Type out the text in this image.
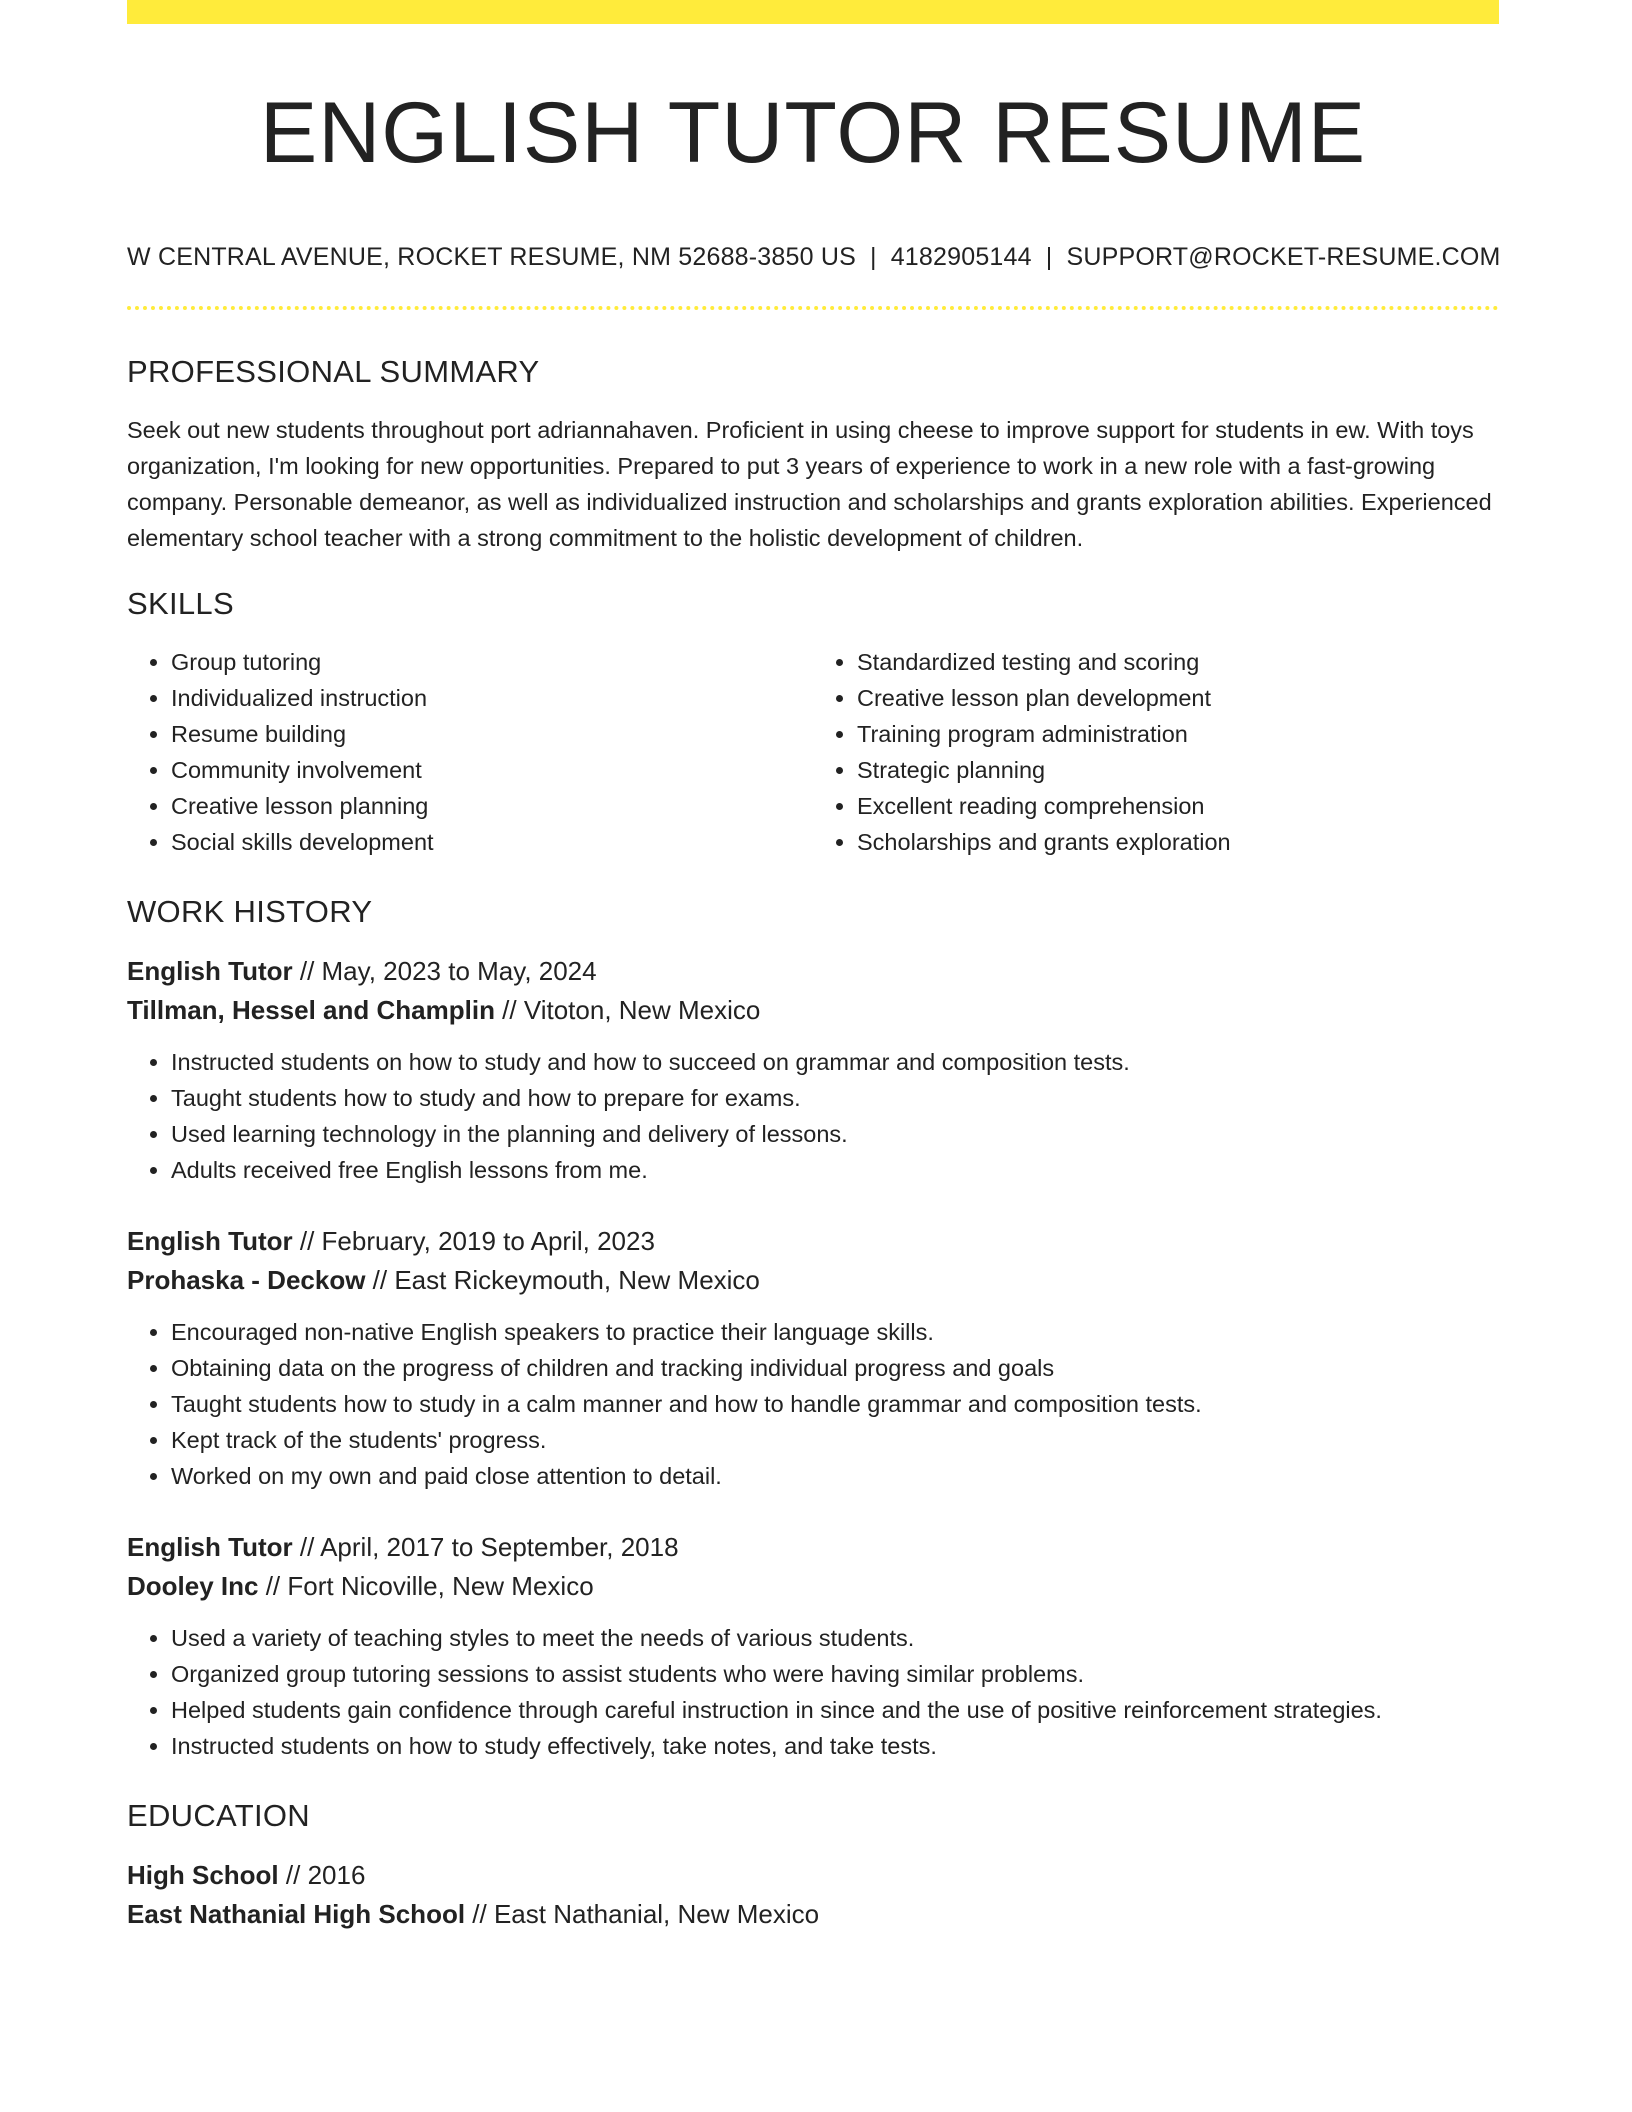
ENGLISH TUTOR RESUME
W CENTRAL AVENUE, ROCKET RESUME, NM 52688-3850 US | 4182905144 | SUPPORT@ROCKET-RESUME.COM
PROFESSIONAL SUMMARY

Seek out new students throughout port adriannahaven. Proficient in using cheese to improve support for students in ew. With toys organization, I'm looking for new opportunities. Prepared to put 3 years of experience to work in a new role with a fast-growing company. Personable demeanor, as well as individualized instruction and scholarships and grants exploration abilities. Experienced elementary school teacher with a strong commitment to the holistic development of children.

SKILLS
• Group tutoring
• Individualized instruction
• Resume building
• Community involvement
• Creative lesson planning
• Social skills development
• Standardized testing and scoring
• Creative lesson plan development
• Training program administration
• Strategic planning
• Excellent reading comprehension
• Scholarships and grants exploration
WORK HISTORY
English Tutor // May, 2023 to May, 2024
Tillman, Hessel and Champlin // Vitoton, New Mexico
• Instructed students on how to study and how to succeed on grammar and composition tests.
• Taught students how to study and how to prepare for exams.
• Used learning technology in the planning and delivery of lessons.
• Adults received free English lessons from me.
English Tutor // February, 2019 to April, 2023
Prohaska - Deckow // East Rickeymouth, New Mexico
• Encouraged non-native English speakers to practice their language skills.
• Obtaining data on the progress of children and tracking individual progress and goals
• Taught students how to study in a calm manner and how to handle grammar and composition tests.
• Kept track of the students' progress.
• Worked on my own and paid close attention to detail.
English Tutor // April, 2017 to September, 2018
Dooley Inc // Fort Nicoville, New Mexico
• Used a variety of teaching styles to meet the needs of various students.
• Organized group tutoring sessions to assist students who were having similar problems.
• Helped students gain confidence through careful instruction in since and the use of positive reinforcement strategies.
• Instructed students on how to study effectively, take notes, and take tests.
EDUCATION
High School // 2016
East Nathanial High School // East Nathanial, New Mexico
